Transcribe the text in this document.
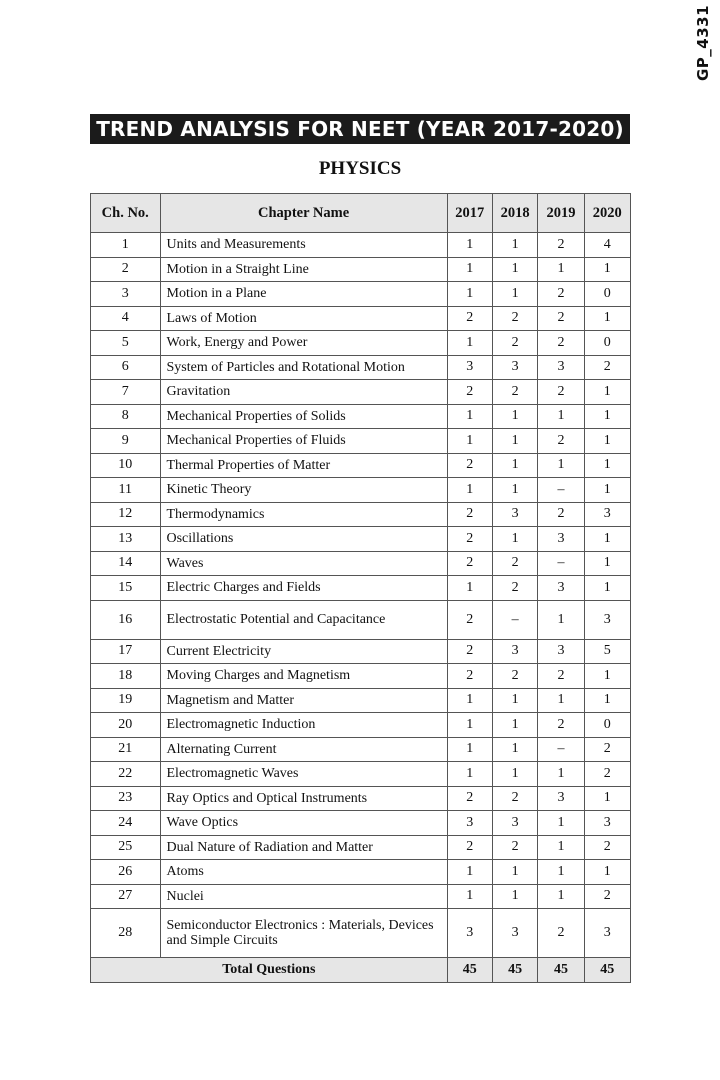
GP_4331
TREND ANALYSIS FOR NEET (YEAR 2017-2020)
PHYSICS
Ch. No.	Chapter Name	2017	2018	2019	2020
1	Units and Measurements	1	1	2	4
2	Motion in a Straight Line	1	1	1	1
3	Motion in a Plane	1	1	2	0
4	Laws of Motion	2	2	2	1
5	Work, Energy and Power	1	2	2	0
6	System of Particles and Rotational Motion	3	3	3	2
7	Gravitation	2	2	2	1
8	Mechanical Properties of Solids	1	1	1	1
9	Mechanical Properties of Fluids	1	1	2	1
10	Thermal Properties of Matter	2	1	1	1
11	Kinetic Theory	1	1	–	1
12	Thermodynamics	2	3	2	3
13	Oscillations	2	1	3	1
14	Waves	2	2	–	1
15	Electric Charges and Fields	1	2	3	1
16	Electrostatic Potential and Capacitance	2	–	1	3
17	Current Electricity	2	3	3	5
18	Moving Charges and Magnetism	2	2	2	1
19	Magnetism and Matter	1	1	1	1
20	Electromagnetic Induction	1	1	2	0
21	Alternating Current	1	1	–	2
22	Electromagnetic Waves	1	1	1	2
23	Ray Optics and Optical Instruments	2	2	3	1
24	Wave Optics	3	3	1	3
25	Dual Nature of Radiation and Matter	2	2	1	2
26	Atoms	1	1	1	1
27	Nuclei	1	1	1	2
28	Semiconductor Electronics : Materials, Devices and Simple Circuits	3	3	2	3
Total Questions		45	45	45	45
